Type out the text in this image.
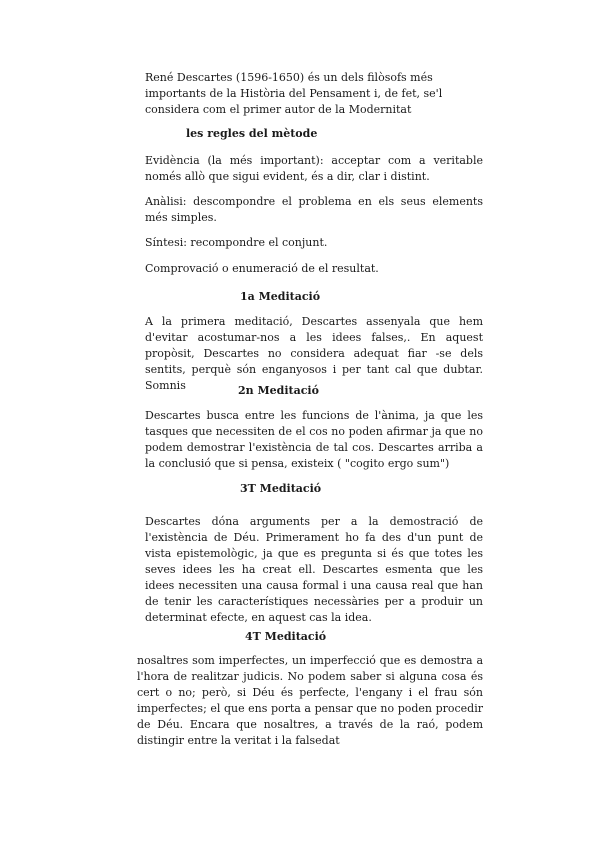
René Descartes (1596-1650) és un dels filòsofs més importants de la Història del Pensament i, de fet, se'l considera com el primer autor de la Modernitat

les regles del mètode

Evidència (la més important): acceptar com a veritable només allò que sigui evident, és a dir, clar i distint.

Anàlisi: descompondre el problema en els seus elements més simples.

Síntesi: recompondre el conjunt.

Comprovació o enumeració de el resultat.

1a Meditació

A la primera meditació, Descartes assenyala que hem d'evitar acostumar-nos a les idees falses,. En aquest propòsit, Descartes no considera adequat fiar -se dels sentits, perquè són enganyosos i per tant cal que dubtar. Somnis	2n Meditació

Descartes busca entre les funcions de l'ànima, ja que les tasques que necessiten de el cos no poden afirmar ja que no podem demostrar l'existència de tal cos. Descartes arriba a la conclusió que si pensa, existeix ( "cogito ergo sum")

3T Meditació

Descartes dóna arguments per a la demostració de l'existència de Déu. Primerament ho fa des d'un punt de vista epistemològic, ja que es pregunta si és que totes les seves idees les ha creat ell. Descartes esmenta que les idees necessiten una causa formal i una causa real que han de tenir les característiques necessàries per a produir un determinat efecte, en aquest cas la idea.

4T Meditació

nosaltres som imperfectes, un imperfecció que es demostra a l'hora de realitzar judicis. No podem saber si alguna cosa és cert o no; però, si Déu és perfecte, l'engany i el frau són imperfectes; el que ens porta a pensar que no poden procedir de Déu. Encara que nosaltres, a través de la raó, podem distingir entre la veritat i la falsedat
